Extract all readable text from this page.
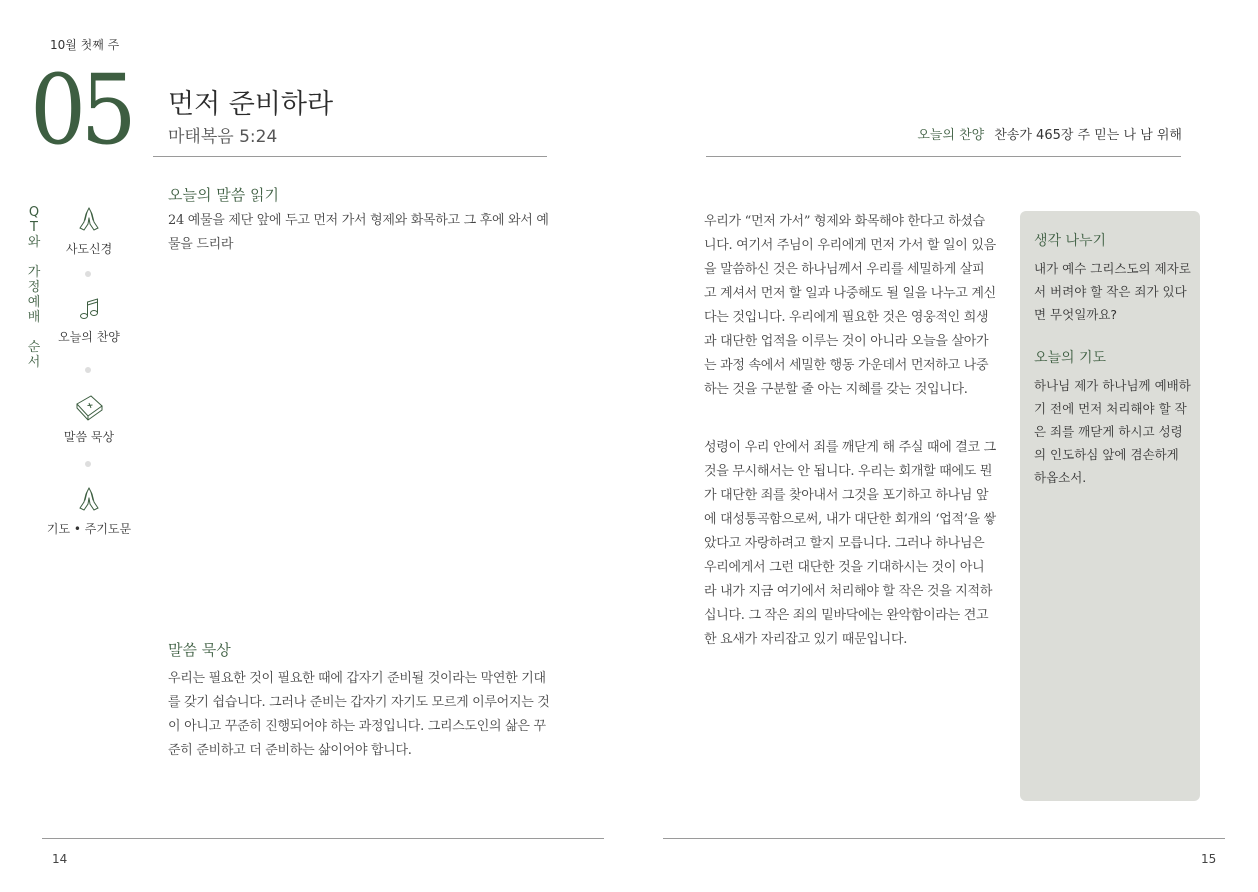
10월 첫째 주
05 먼저 준비하라
마태복음 5:24
Q
T
와
가
정
예
배
순
서
사도신경
오늘의 찬양
말씀 묵상
기도 • 주기도문
오늘의 말씀 읽기
24 예물을 제단 앞에 두고 먼저 가서 형제와 화목하고 그 후에 와서 예물을 드리라
말씀 묵상
우리는 필요한 것이 필요한 때에 갑자기 준비될 것이라는 막연한 기대를 갖기 쉽습니다. 그러나 준비는 갑자기 자기도 모르게 이루어지는 것이 아니고 꾸준히 진행되어야 하는 과정입니다. 그리스도인의 삶은 꾸준히 준비하고 더 준비하는 삶이어야 합니다.
오늘의 찬양 찬송가 465장 주 믿는 나 남 위해
우리가 “먼저 가서” 형제와 화목해야 한다고 하셨습니다. 여기서 주님이 우리에게 먼저 가서 할 일이 있음을 말씀하신 것은 하나님께서 우리를 세밀하게 살피고 계셔서 먼저 할 일과 나중해도 될 일을 나누고 계신다는 것입니다. 우리에게 필요한 것은 영웅적인 희생과 대단한 업적을 이루는 것이 아니라 오늘을 살아가는 과정 속에서 세밀한 행동 가운데서 먼저하고 나중하는 것을 구분할 줄 아는 지혜를 갖는 것입니다.
성령이 우리 안에서 죄를 깨닫게 해 주실 때에 결코 그것을 무시해서는 안 됩니다. 우리는 회개할 때에도 뭔가 대단한 죄를 찾아내서 그것을 포기하고 하나님 앞에 대성통곡함으로써, 내가 대단한 회개의 ‘업적’을 쌓았다고 자랑하려고 할지 모릅니다. 그러나 하나님은 우리에게서 그런 대단한 것을 기대하시는 것이 아니라 내가 지금 여기에서 처리해야 할 작은 것을 지적하십니다. 그 작은 죄의 밑바닥에는 완악함이라는 견고한 요새가 자리잡고 있기 때문입니다.
생각 나누기
내가 예수 그리스도의 제자로서 버려야 할 작은 죄가 있다면 무엇일까요?
오늘의 기도
하나님 제가 하나님께 예배하기 전에 먼저 처리해야 할 작은 죄를 깨닫게 하시고 성령의 인도하심 앞에 겸손하게 하옵소서.
14	15
